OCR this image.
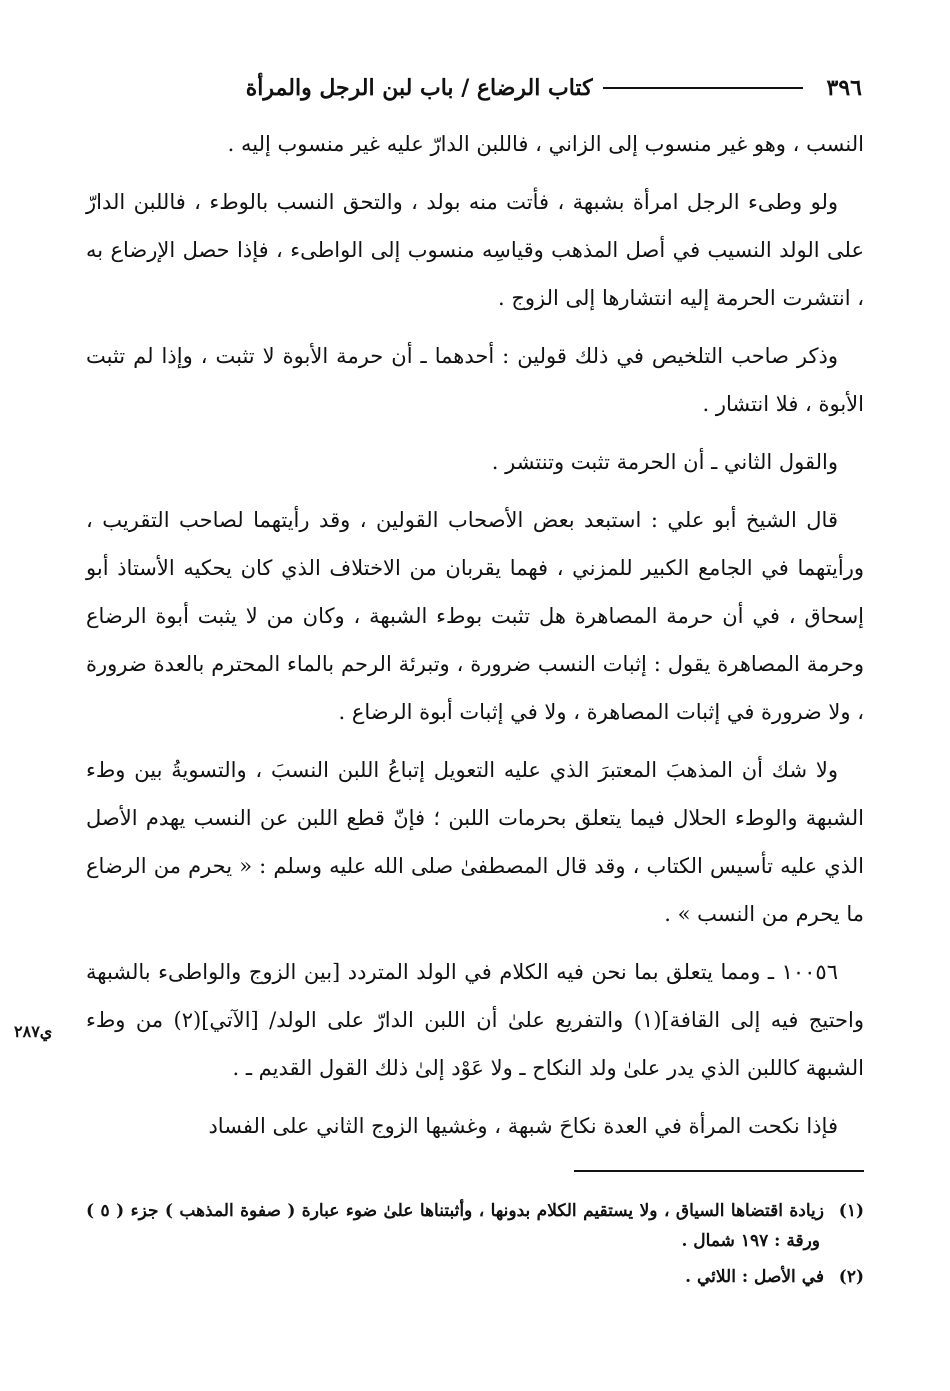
٣٩٦
كتاب الرضاع / باب لبن الرجل والمرأة
ي٢٨٧

النسب ، وهو غير منسوب إلى الزاني ، فاللبن الدارّ عليه غير منسوب إليه .

ولو وطىء الرجل امرأة بشبهة ، فأتت منه بولد ، والتحق النسب بالوطء ، فاللبن الدارّ على الولد النسيب في أصل المذهب وقياسِه منسوب إلى الواطىء ، فإذا حصل الإرضاع به ، انتشرت الحرمة إليه انتشارها إلى الزوج .

وذكر صاحب التلخيص في ذلك قولين : أحدهما ـ أن حرمة الأبوة لا تثبت ، وإذا لم تثبت الأبوة ، فلا انتشار .

والقول الثاني ـ أن الحرمة تثبت وتنتشر .

قال الشيخ أبو علي : استبعد بعض الأصحاب القولين ، وقد رأيتهما لصاحب التقريب ، ورأيتهما في الجامع الكبير للمزني ، فهما يقربان من الاختلاف الذي كان يحكيه الأستاذ أبو إسحاق ، في أن حرمة المصاهرة هل تثبت بوطء الشبهة ، وكان من لا يثبت أبوة الرضاع وحرمة المصاهرة يقول : إثبات النسب ضرورة ، وتبرئة الرحم بالماء المحترم بالعدة ضرورة ، ولا ضرورة في إثبات المصاهرة ، ولا في إثبات أبوة الرضاع .

ولا شك أن المذهبَ المعتبرَ الذي عليه التعويل إتباعُ اللبن النسبَ ، والتسويةُ بين وطء الشبهة والوطء الحلال فيما يتعلق بحرمات اللبن ؛ فإنّ قطع اللبن عن النسب يهدم الأصل الذي عليه تأسيس الكتاب ، وقد قال المصطفىٰ صلى الله عليه وسلم : « يحرم من الرضاع ما يحرم من النسب » .

١٠٠٥٦ ـ ومما يتعلق بما نحن فيه الكلام في الولد المتردد [بين الزوج والواطىء بالشبهة واحتيج فيه إلى القافة](١) والتفريع علىٰ أن اللبن الدارّ على الولد/ [الآتي](٢) من وطء الشبهة كاللبن الذي يدر علىٰ ولد النكاح ـ ولا عَوْد إلىٰ ذلك القول القديم ـ .

فإذا نكحت المرأة في العدة نكاحَ شبهة ، وغشيها الزوج الثاني على الفساد

(١)زيادة اقتضاها السياق ، ولا يستقيم الكلام بدونها ، وأثبتناها علىٰ ضوء عبارة ( صفوة المذهب ) جزء ( ٥ ) ورقة : ١٩٧ شمال .

(٢)في الأصل : اللائي .
